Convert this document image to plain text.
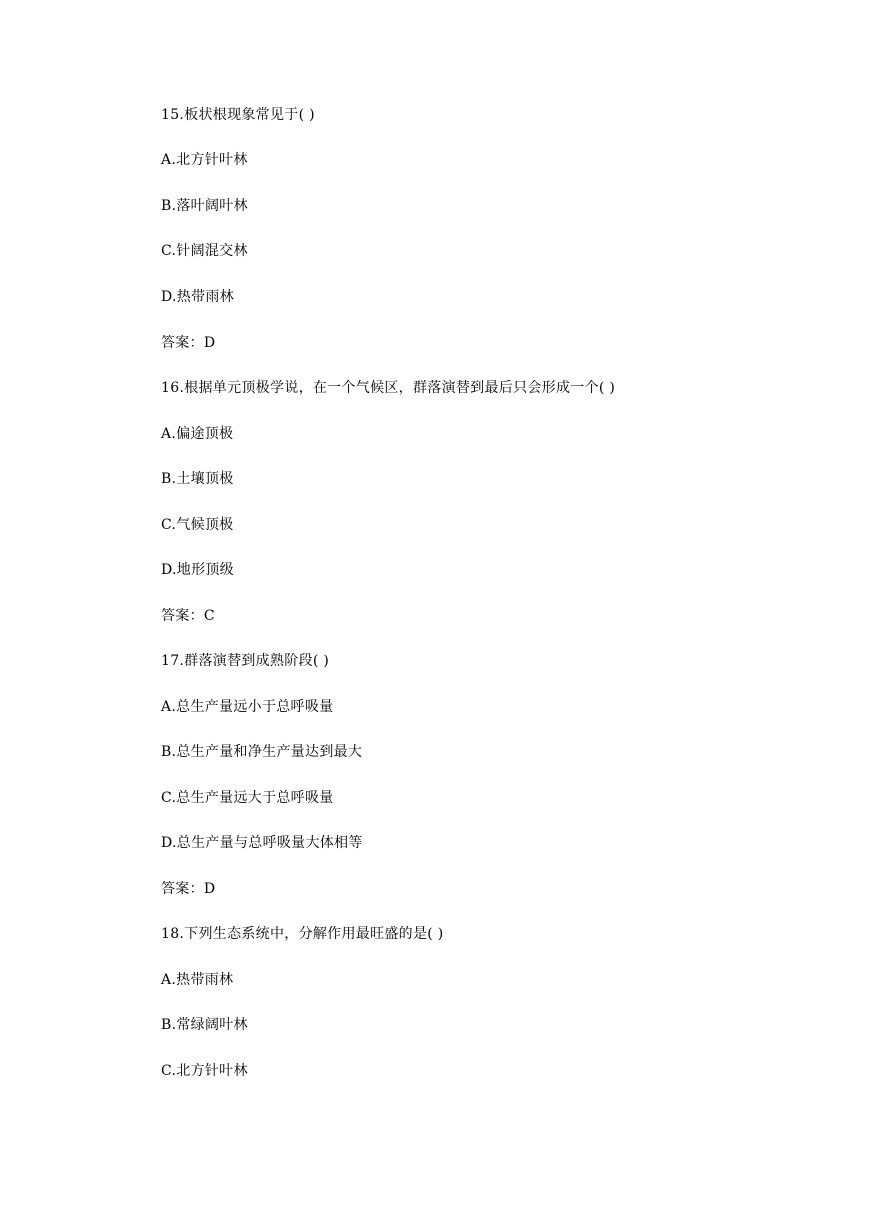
15.板状根现象常见于( )
A.北方针叶林
B.落叶阔叶林
C.针阔混交林
D.热带雨林
答案：D
16.根据单元顶极学说，在一个气候区，群落演替到最后只会形成一个( )
A.偏途顶极
B.土壤顶极
C.气候顶极
D.地形顶级
答案：C
17.群落演替到成熟阶段( )
A.总生产量远小于总呼吸量
B.总生产量和净生产量达到最大
C.总生产量远大于总呼吸量
D.总生产量与总呼吸量大体相等
答案：D
18.下列生态系统中，分解作用最旺盛的是( )
A.热带雨林
B.常绿阔叶林
C.北方针叶林
